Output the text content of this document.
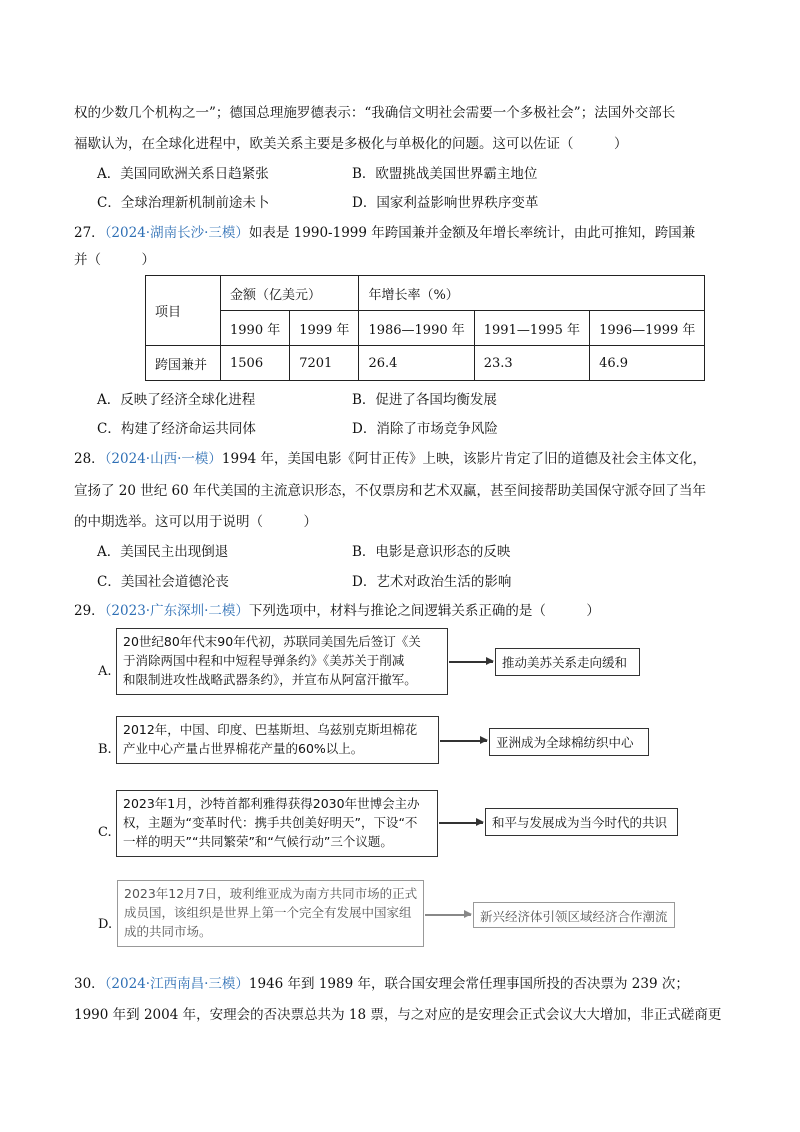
权的少数几个机构之一”；德国总理施罗德表示：“我确信文明社会需要一个多极社会”；法国外交部长
福歇认为，在全球化进程中，欧美关系主要是多极化与单极化的问题。这可以佐证（　　　）
A．美国同欧洲关系日趋紧张	B．欧盟挑战美国世界霸主地位
C．全球治理新机制前途未卜	D．国家利益影响世界秩序变革
27．（2024·湖南长沙·三模）如表是 1990-1999 年跨国兼并金额及年增长率统计，由此可推知，跨国兼
并（　　　）
项目	金额（亿美元）		年增长率（%）		
	1990 年	1999 年	1986—1990 年	1991—1995 年	1996—1999 年
跨国兼并	1506	7201	26.4	23.3	46.9
A．反映了经济全球化进程	B．促进了各国均衡发展
C．构建了经济命运共同体	D．消除了市场竞争风险
28．（2024·山西·一模）1994 年，美国电影《阿甘正传》上映，该影片肯定了旧的道德及社会主体文化，
宣扬了 20 世纪 60 年代美国的主流意识形态，不仅票房和艺术双赢，甚至间接帮助美国保守派夺回了当年
的中期选举。这可以用于说明（　　　）
A．美国民主出现倒退	B．电影是意识形态的反映
C．美国社会道德沦丧	D．艺术对政治生活的影响
29．（2023·广东深圳·二模）下列选项中，材料与推论之间逻辑关系正确的是（　　　）
A.
20世纪80年代末90年代初，苏联同美国先后签订《关
于消除两国中程和中短程导弹条约》《美苏关于削减
和限制进攻性战略武器条约》，并宣布从阿富汗撤军。
推动美苏关系走向缓和
B.
2012年，中国、印度、巴基斯坦、乌兹别克斯坦棉花
产业中心产量占世界棉花产量的60%以上。	亚洲成为全球棉纺织中心
C.
2023年1月，沙特首都利雅得获得2030年世博会主办
权，主题为“变革时代：携手共创美好明天”，下设“不
一样的明天”“共同繁荣”和“气候行动”三个议题。
和平与发展成为当今时代的共识
D.
2023年12月7日，玻利维亚成为南方共同市场的正式
成员国，该组织是世界上第一个完全有发展中国家组
成的共同市场。
新兴经济体引领区域经济合作潮流
30．（2024·江西南昌·三模）1946 年到 1989 年，联合国安理会常任理事国所投的否决票为 239 次；
1990 年到 2004 年，安理会的否决票总共为 18 票，与之对应的是安理会正式会议大大增加，非正式磋商更
